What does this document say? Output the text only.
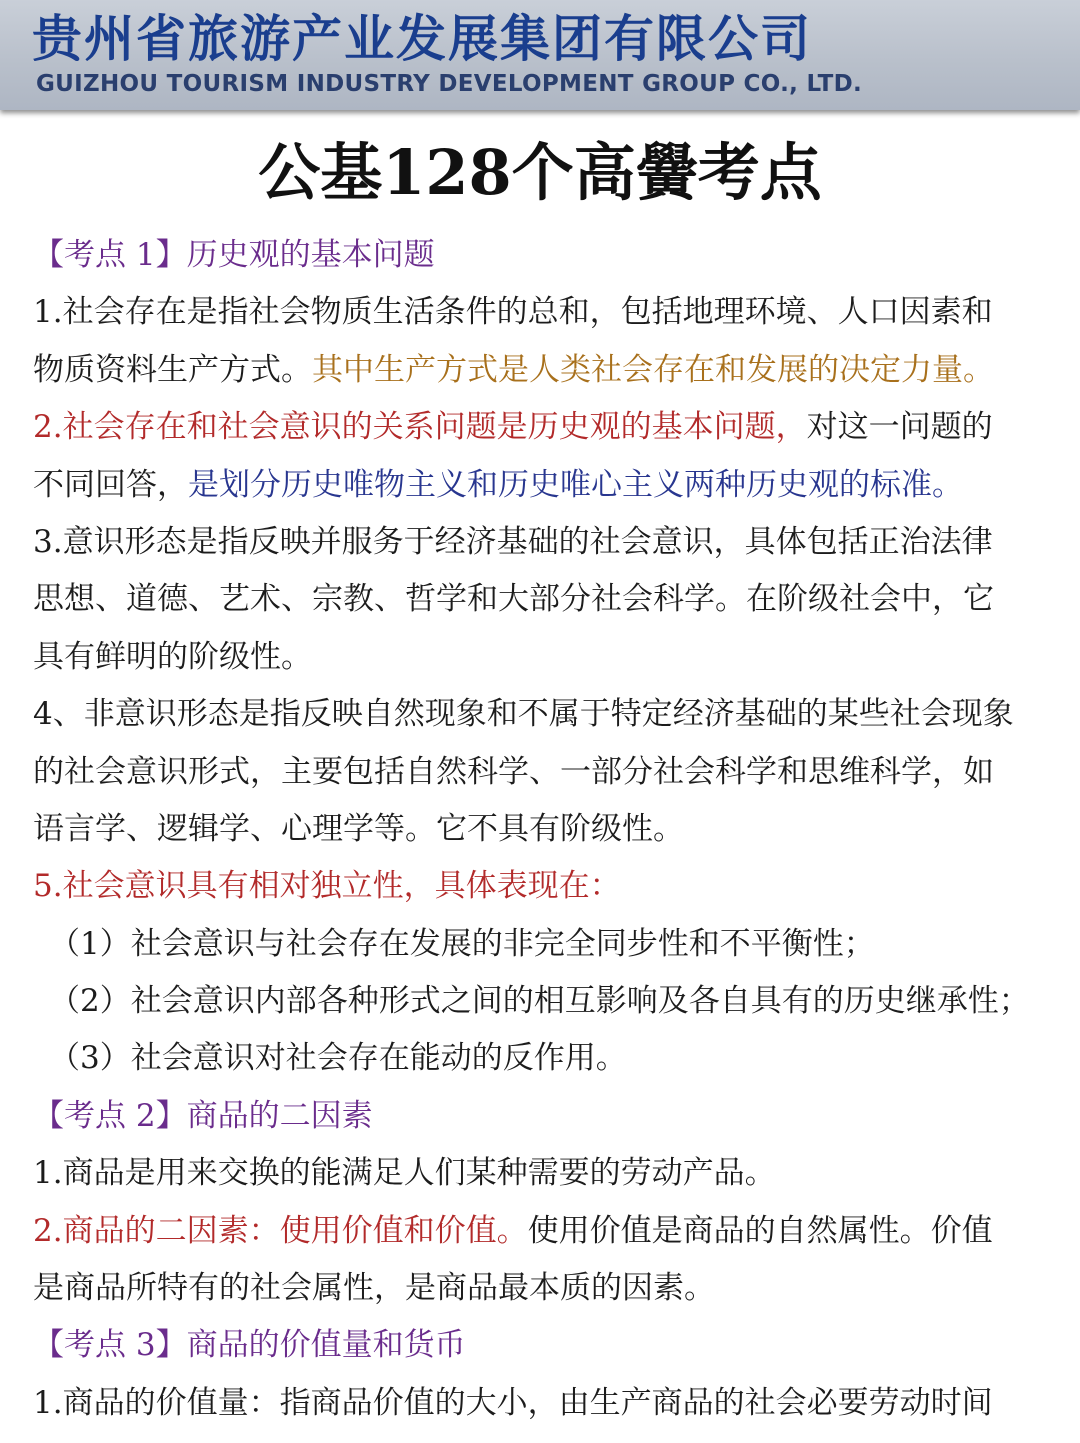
贵州省旅游产业发展集团有限公司
GUIZHOU TOURISM INDUSTRY DEVELOPMENT GROUP CO., LTD.
公基128个高黌考点
【考点 1】历史观的基本问题
1.社会存在是指社会物质生活条件的总和，包括地理环境、人口因素和
物质资料生产方式。其中生产方式是人类社会存在和发展的决定力量。
2.社会存在和社会意识的关系问题是历史观的基本问题，对这一问题的
不同回答，是划分历史唯物主义和历史唯心主义两种历史观的标准。
3.意识形态是指反映并服务于经济基础的社会意识，具体包括正治法律
思想、道德、艺术、宗教、哲学和大部分社会科学。在阶级社会中，它
具有鲜明的阶级性。
4、非意识形态是指反映自然现象和不属于特定经济基础的某些社会现象
的社会意识形式，主要包括自然科学、一部分社会科学和思维科学，如
语言学、逻辑学、心理学等。它不具有阶级性。
5.社会意识具有相对独立性，具体表现在：
（1）社会意识与社会存在发展的非完全同步性和不平衡性；
（2）社会意识内部各种形式之间的相互影响及各自具有的历史继承性；
（3）社会意识对社会存在能动的反作用。
【考点 2】商品的二因素
1.商品是用来交换的能满足人们某种需要的劳动产品。
2.商品的二因素：使用价值和价值。使用价值是商品的自然属性。价值
是商品所特有的社会属性，是商品最本质的因素。
【考点 3】商品的价值量和货币
1.商品的价值量：指商品价值的大小，由生产商品的社会必要劳动时间
